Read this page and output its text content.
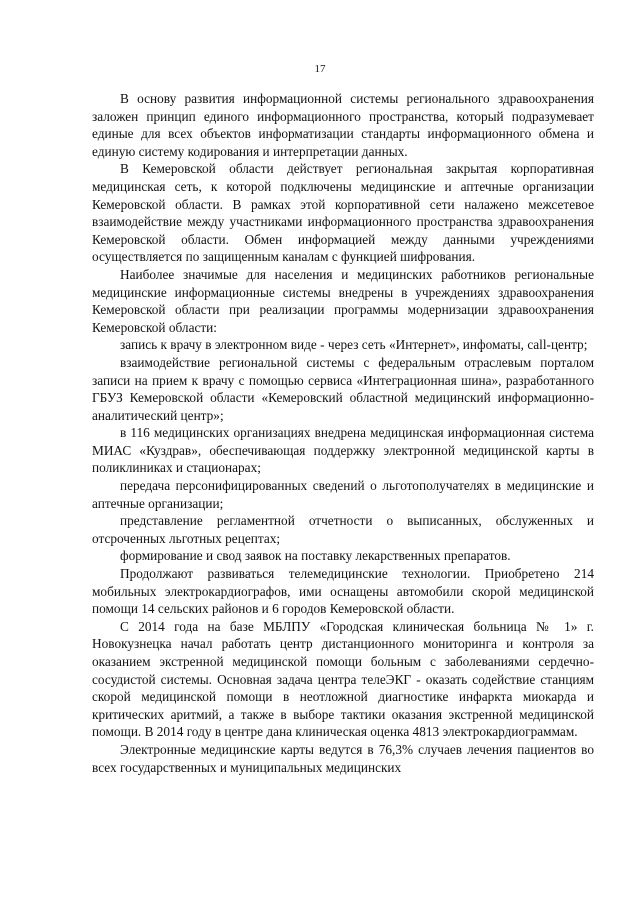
17

В основу развития информационной системы регионального здравоохранения заложен принцип единого информационного пространства, который подразумевает единые для всех объектов информатизации стандарты информационного обмена и единую систему кодирования и интерпретации данных.

В Кемеровской области действует региональная закрытая корпоративная медицинская сеть, к которой подключены медицинские и аптечные организации Кемеровской области. В рамках этой корпоративной сети налажено межсетевое взаимодействие между участниками информационного пространства здравоохранения Кемеровской области. Обмен информацией между данными учреждениями осуществляется по защищенным каналам с функцией шифрования.

Наиболее значимые для населения и медицинских работников региональные медицинские информационные системы внедрены в учреждениях здравоохранения Кемеровской области при реализации программы модернизации здравоохранения Кемеровской области:

запись к врачу в электронном виде - через сеть «Интернет», инфоматы, call-центр;

взаимодействие региональной системы с федеральным отраслевым порталом записи на прием к врачу с помощью сервиса «Интеграционная шина», разработанного ГБУЗ Кемеровской области «Кемеровский областной медицинский информационно-аналитический центр»;

в 116 медицинских организациях внедрена медицинская информационная система МИАС «Куздрав», обеспечивающая поддержку электронной медицинской карты в поликлиниках и стационарах;

передача персонифицированных сведений о льготополучателях в медицинские и аптечные организации;

представление регламентной отчетности о выписанных, обслуженных и отсроченных льготных рецептах;

формирование и свод заявок на поставку лекарственных препаратов.

Продолжают развиваться телемедицинские технологии. Приобретено 214 мобильных электрокардиографов, ими оснащены автомобили скорой медицинской помощи 14 сельских районов и 6 городов Кемеровской области.

С 2014 года на базе МБЛПУ «Городская клиническая больница № 1» г. Новокузнецка начал работать центр дистанционного мониторинга и контроля за оказанием экстренной медицинской помощи больным с заболеваниями сердечно-сосудистой системы. Основная задача центра телеЭКГ - оказать содействие станциям скорой медицинской помощи в неотложной диагностике инфаркта миокарда и критических аритмий, а также в выборе тактики оказания экстренной медицинской помощи. В 2014 году в центре дана клиническая оценка 4813 электрокардиограммам.

Электронные медицинские карты ведутся в 76,3% случаев лечения пациентов во всех государственных и муниципальных медицинских
